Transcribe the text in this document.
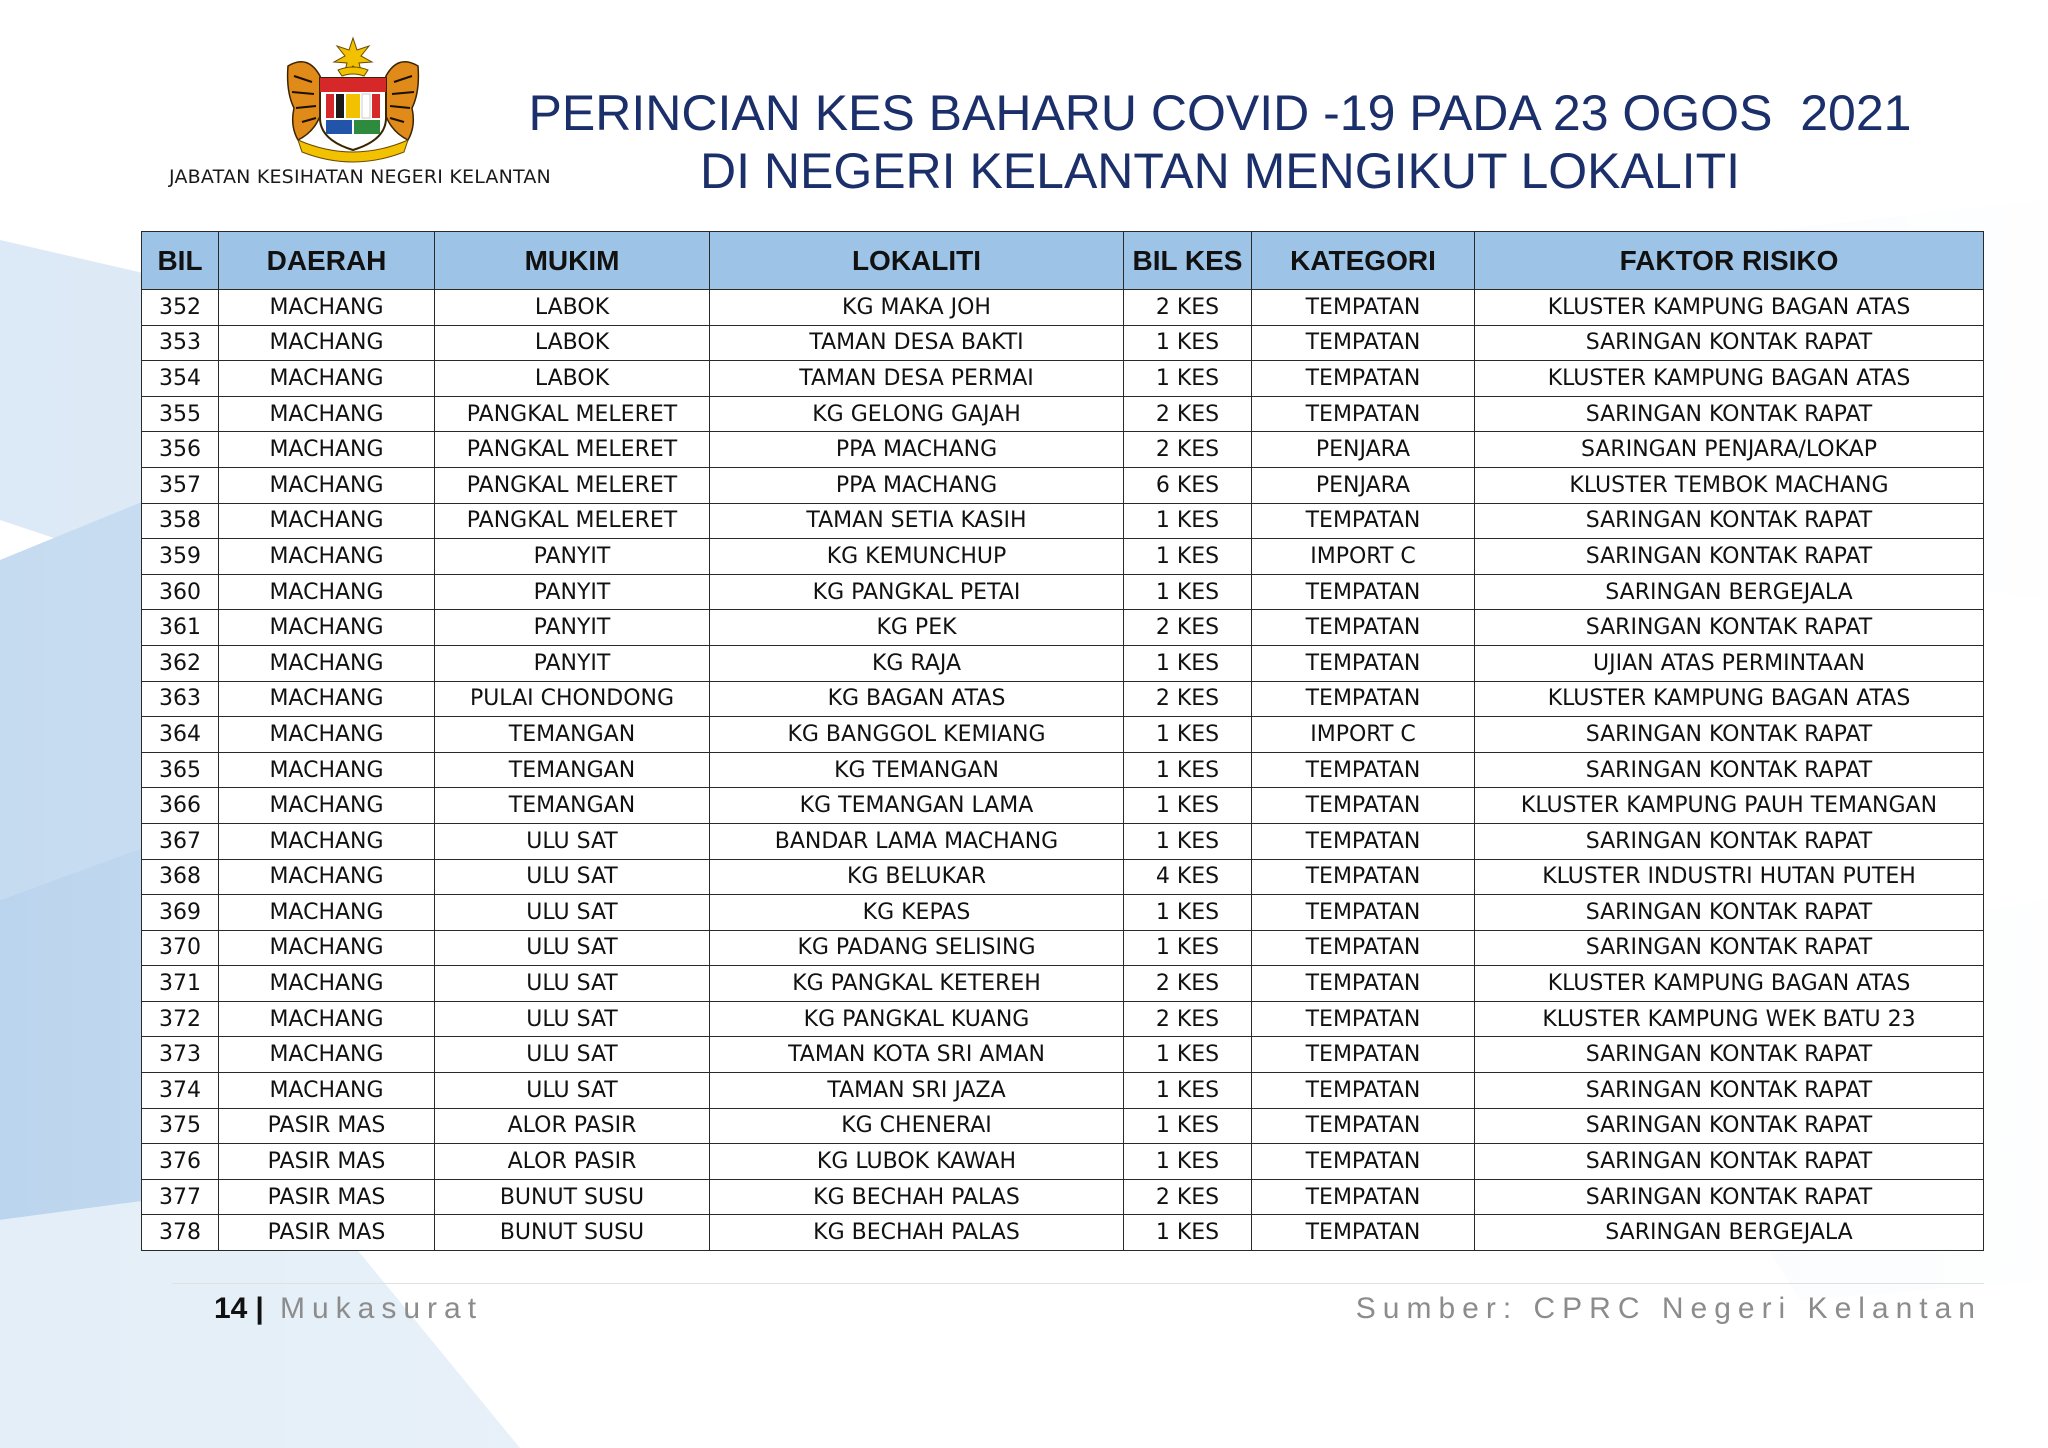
JABATAN KESIHATAN NEGERI KELANTAN
PERINCIAN KES BAHARU COVID -19 PADA 23 OGOS  2021
DI NEGERI KELANTAN MENGIKUT LOKALITI
BIL	DAERAH	MUKIM	LOKALITI	BIL KES	KATEGORI	FAKTOR RISIKO
352	MACHANG	LABOK	KG MAKA JOH	2 KES	TEMPATAN	KLUSTER KAMPUNG BAGAN ATAS
353	MACHANG	LABOK	TAMAN DESA BAKTI	1 KES	TEMPATAN	SARINGAN KONTAK RAPAT
354	MACHANG	LABOK	TAMAN DESA PERMAI	1 KES	TEMPATAN	KLUSTER KAMPUNG BAGAN ATAS
355	MACHANG	PANGKAL MELERET	KG GELONG GAJAH	2 KES	TEMPATAN	SARINGAN KONTAK RAPAT
356	MACHANG	PANGKAL MELERET	PPA MACHANG	2 KES	PENJARA	SARINGAN PENJARA/LOKAP
357	MACHANG	PANGKAL MELERET	PPA MACHANG	6 KES	PENJARA	KLUSTER TEMBOK MACHANG
358	MACHANG	PANGKAL MELERET	TAMAN SETIA KASIH	1 KES	TEMPATAN	SARINGAN KONTAK RAPAT
359	MACHANG	PANYIT	KG KEMUNCHUP	1 KES	IMPORT C	SARINGAN KONTAK RAPAT
360	MACHANG	PANYIT	KG PANGKAL PETAI	1 KES	TEMPATAN	SARINGAN BERGEJALA
361	MACHANG	PANYIT	KG PEK	2 KES	TEMPATAN	SARINGAN KONTAK RAPAT
362	MACHANG	PANYIT	KG RAJA	1 KES	TEMPATAN	UJIAN ATAS PERMINTAAN
363	MACHANG	PULAI CHONDONG	KG BAGAN ATAS	2 KES	TEMPATAN	KLUSTER KAMPUNG BAGAN ATAS
364	MACHANG	TEMANGAN	KG BANGGOL KEMIANG	1 KES	IMPORT C	SARINGAN KONTAK RAPAT
365	MACHANG	TEMANGAN	KG TEMANGAN	1 KES	TEMPATAN	SARINGAN KONTAK RAPAT
366	MACHANG	TEMANGAN	KG TEMANGAN LAMA	1 KES	TEMPATAN	KLUSTER KAMPUNG PAUH TEMANGAN
367	MACHANG	ULU SAT	BANDAR LAMA MACHANG	1 KES	TEMPATAN	SARINGAN KONTAK RAPAT
368	MACHANG	ULU SAT	KG BELUKAR	4 KES	TEMPATAN	KLUSTER INDUSTRI HUTAN PUTEH
369	MACHANG	ULU SAT	KG KEPAS	1 KES	TEMPATAN	SARINGAN KONTAK RAPAT
370	MACHANG	ULU SAT	KG PADANG SELISING	1 KES	TEMPATAN	SARINGAN KONTAK RAPAT
371	MACHANG	ULU SAT	KG PANGKAL KETEREH	2 KES	TEMPATAN	KLUSTER KAMPUNG BAGAN ATAS
372	MACHANG	ULU SAT	KG PANGKAL KUANG	2 KES	TEMPATAN	KLUSTER KAMPUNG WEK BATU 23
373	MACHANG	ULU SAT	TAMAN KOTA SRI AMAN	1 KES	TEMPATAN	SARINGAN KONTAK RAPAT
374	MACHANG	ULU SAT	TAMAN SRI JAZA	1 KES	TEMPATAN	SARINGAN KONTAK RAPAT
375	PASIR MAS	ALOR PASIR	KG CHENERAI	1 KES	TEMPATAN	SARINGAN KONTAK RAPAT
376	PASIR MAS	ALOR PASIR	KG LUBOK KAWAH	1 KES	TEMPATAN	SARINGAN KONTAK RAPAT
377	PASIR MAS	BUNUT SUSU	KG BECHAH PALAS	2 KES	TEMPATAN	SARINGAN KONTAK RAPAT
378	PASIR MAS	BUNUT SUSU	KG BECHAH PALAS	1 KES	TEMPATAN	SARINGAN BERGEJALA
14 | Mukasurat	Sumber: CPRC Negeri Kelantan
